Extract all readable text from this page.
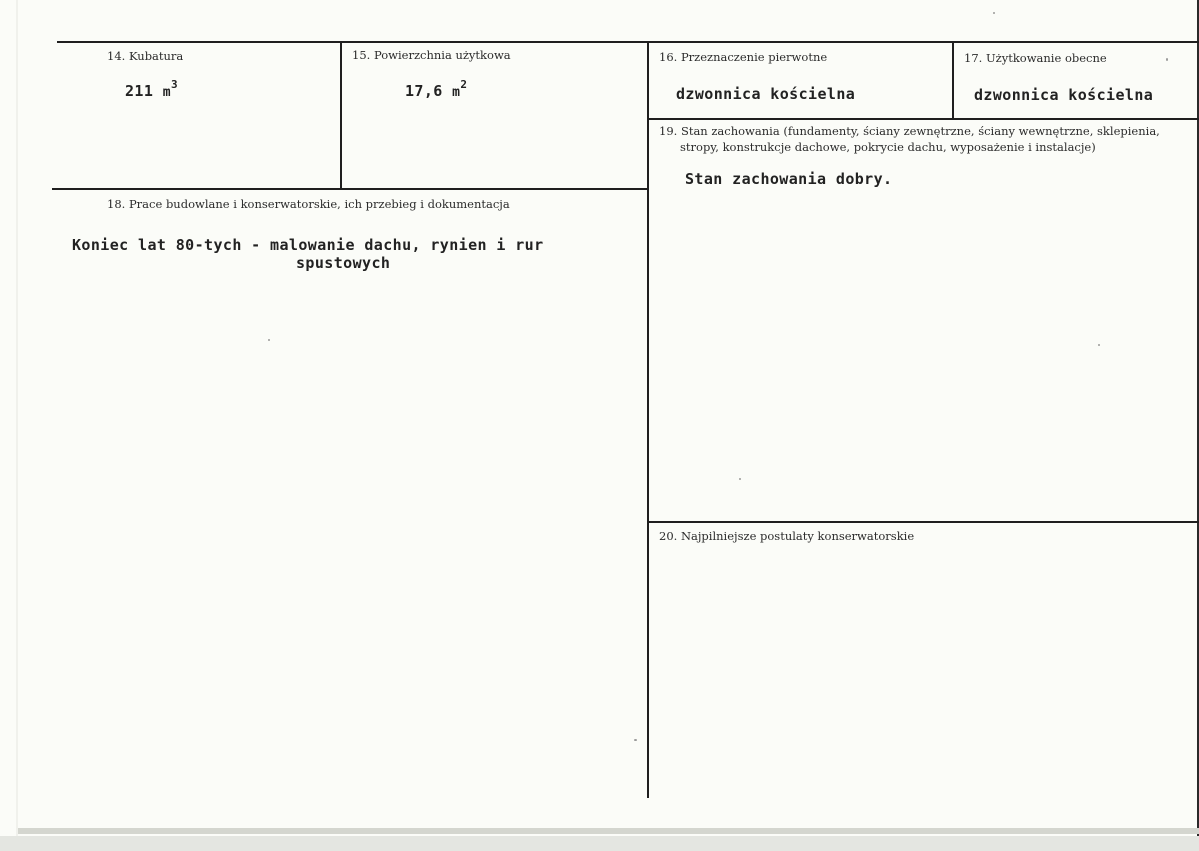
14. Kubatura
211 $m^3$
15. Powierzchnia użytkowa
17,6 $m^2$
16. Przeznaczenie pierwotne
dzwonnica kościelna
17. Użytkowanie obecne
dzwonnica kościelna
18. Prace budowlane i konserwatorskie, ich przebieg i dokumentacja
Koniec lat 80-tych - malowanie dachu, rynien i rur
spustowych
19. Stan zachowania (fundamenty, ściany zewnętrzne, ściany wewnętrzne, sklepienia,
stropy, konstrukcje dachowe, pokrycie dachu, wyposażenie i instalacje)
Stan zachowania dobry.
20. Najpilniejsze postulaty konserwatorskie
